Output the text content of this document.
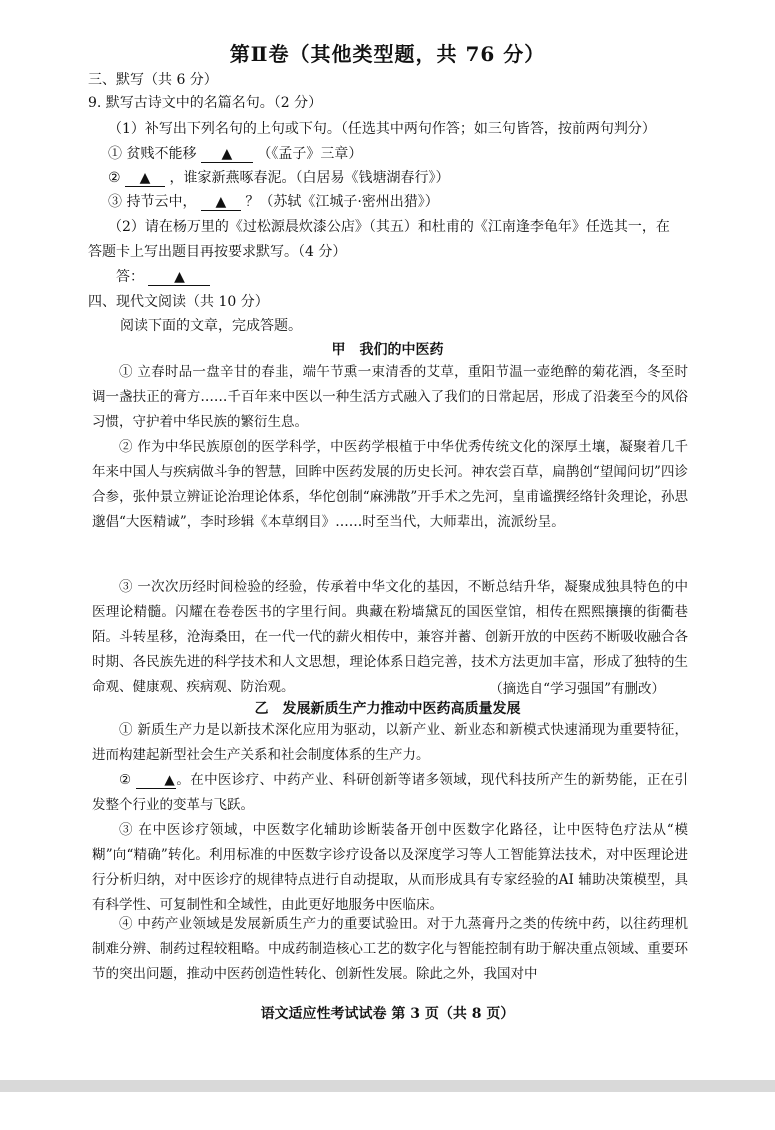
第Ⅱ卷（其他类型题，共 76 分）
三、默写（共 6 分）
9. 默写古诗文中的名篇名句。（2 分）
（1）补写出下列名句的上句或下句。（任选其中两句作答；如三句皆答，按前两句判分）
① 贫贱不能移 ▲ （《孟子》三章）
② ▲ ，谁家新燕啄春泥。（白居易《钱塘湖春行》）
③ 持节云中， ▲ ？（苏轼《江城子·密州出猎》）
（2）请在杨万里的《过松源晨炊漆公店》（其五）和杜甫的《江南逢李龟年》任选其一，在
答题卡上写出题目再按要求默写。（4 分）
答： ▲
四、现代文阅读（共 10 分）
阅读下面的文章，完成答题。
甲　我们的中医药
① 立春时品一盘辛甘的春韭，端午节熏一束清香的艾草，重阳节温一壶绝醉的菊花酒，冬至时调一盏扶正的膏方……千百年来中医以一种生活方式融入了我们的日常起居，形成了沿袭至今的风俗习惯，守护着中华民族的繁衍生息。
② 作为中华民族原创的医学科学，中医药学根植于中华优秀传统文化的深厚土壤，凝聚着几千年来中国人与疾病做斗争的智慧，回眸中医药发展的历史长河。神农尝百草，扁鹊创“望闻问切”四诊合参，张仲景立辨证论治理论体系，华佗创制“麻沸散”开手术之先河，皇甫谧撰经络针灸理论，孙思邈倡“大医精诚”，李时珍辑《本草纲目》……时至当代，大师辈出，流派纷呈。
③ 一次次历经时间检验的经验，传承着中华文化的基因，不断总结升华，凝聚成独具特色的中医理论精髓。闪耀在卷卷医书的字里行间。典藏在粉墙黛瓦的国医堂馆，相传在熙熙攘攘的街衢巷陌。斗转星移，沧海桑田，在一代一代的薪火相传中，兼容并蓄、创新开放的中医药不断吸收融合各时期、各民族先进的科学技术和人文思想，理论体系日趋完善，技术方法更加丰富，形成了独特的生命观、健康观、疾病观、防治观。	（摘选自“学习强国”有删改）
乙　发展新质生产力推动中医药高质量发展
① 新质生产力是以新技术深化应用为驱动，以新产业、新业态和新模式快速涌现为重要特征，进而构建起新型社会生产关系和社会制度体系的生产力。
② ▲。在中医诊疗、中药产业、科研创新等诸多领域，现代科技所产生的新势能，正在引发整个行业的变革与飞跃。
③ 在中医诊疗领域，中医数字化辅助诊断装备开创中医数字化路径，让中医特色疗法从“模糊”向“精确”转化。利用标准的中医数字诊疗设备以及深度学习等人工智能算法技术，对中医理论进行分析归纳，对中医诊疗的规律特点进行自动提取，从而形成具有专家经验的AI 辅助决策模型，具有科学性、可复制性和全域性，由此更好地服务中医临床。
④ 中药产业领域是发展新质生产力的重要试验田。对于九蒸膏丹之类的传统中药，以往药理机制难分辨、制药过程较粗略。中成药制造核心工艺的数字化与智能控制有助于解决重点领域、重要环节的突出问题，推动中医药创造性转化、创新性发展。除此之外，我国对中
语文适应性考试试卷 第 3 页（共 8 页）
